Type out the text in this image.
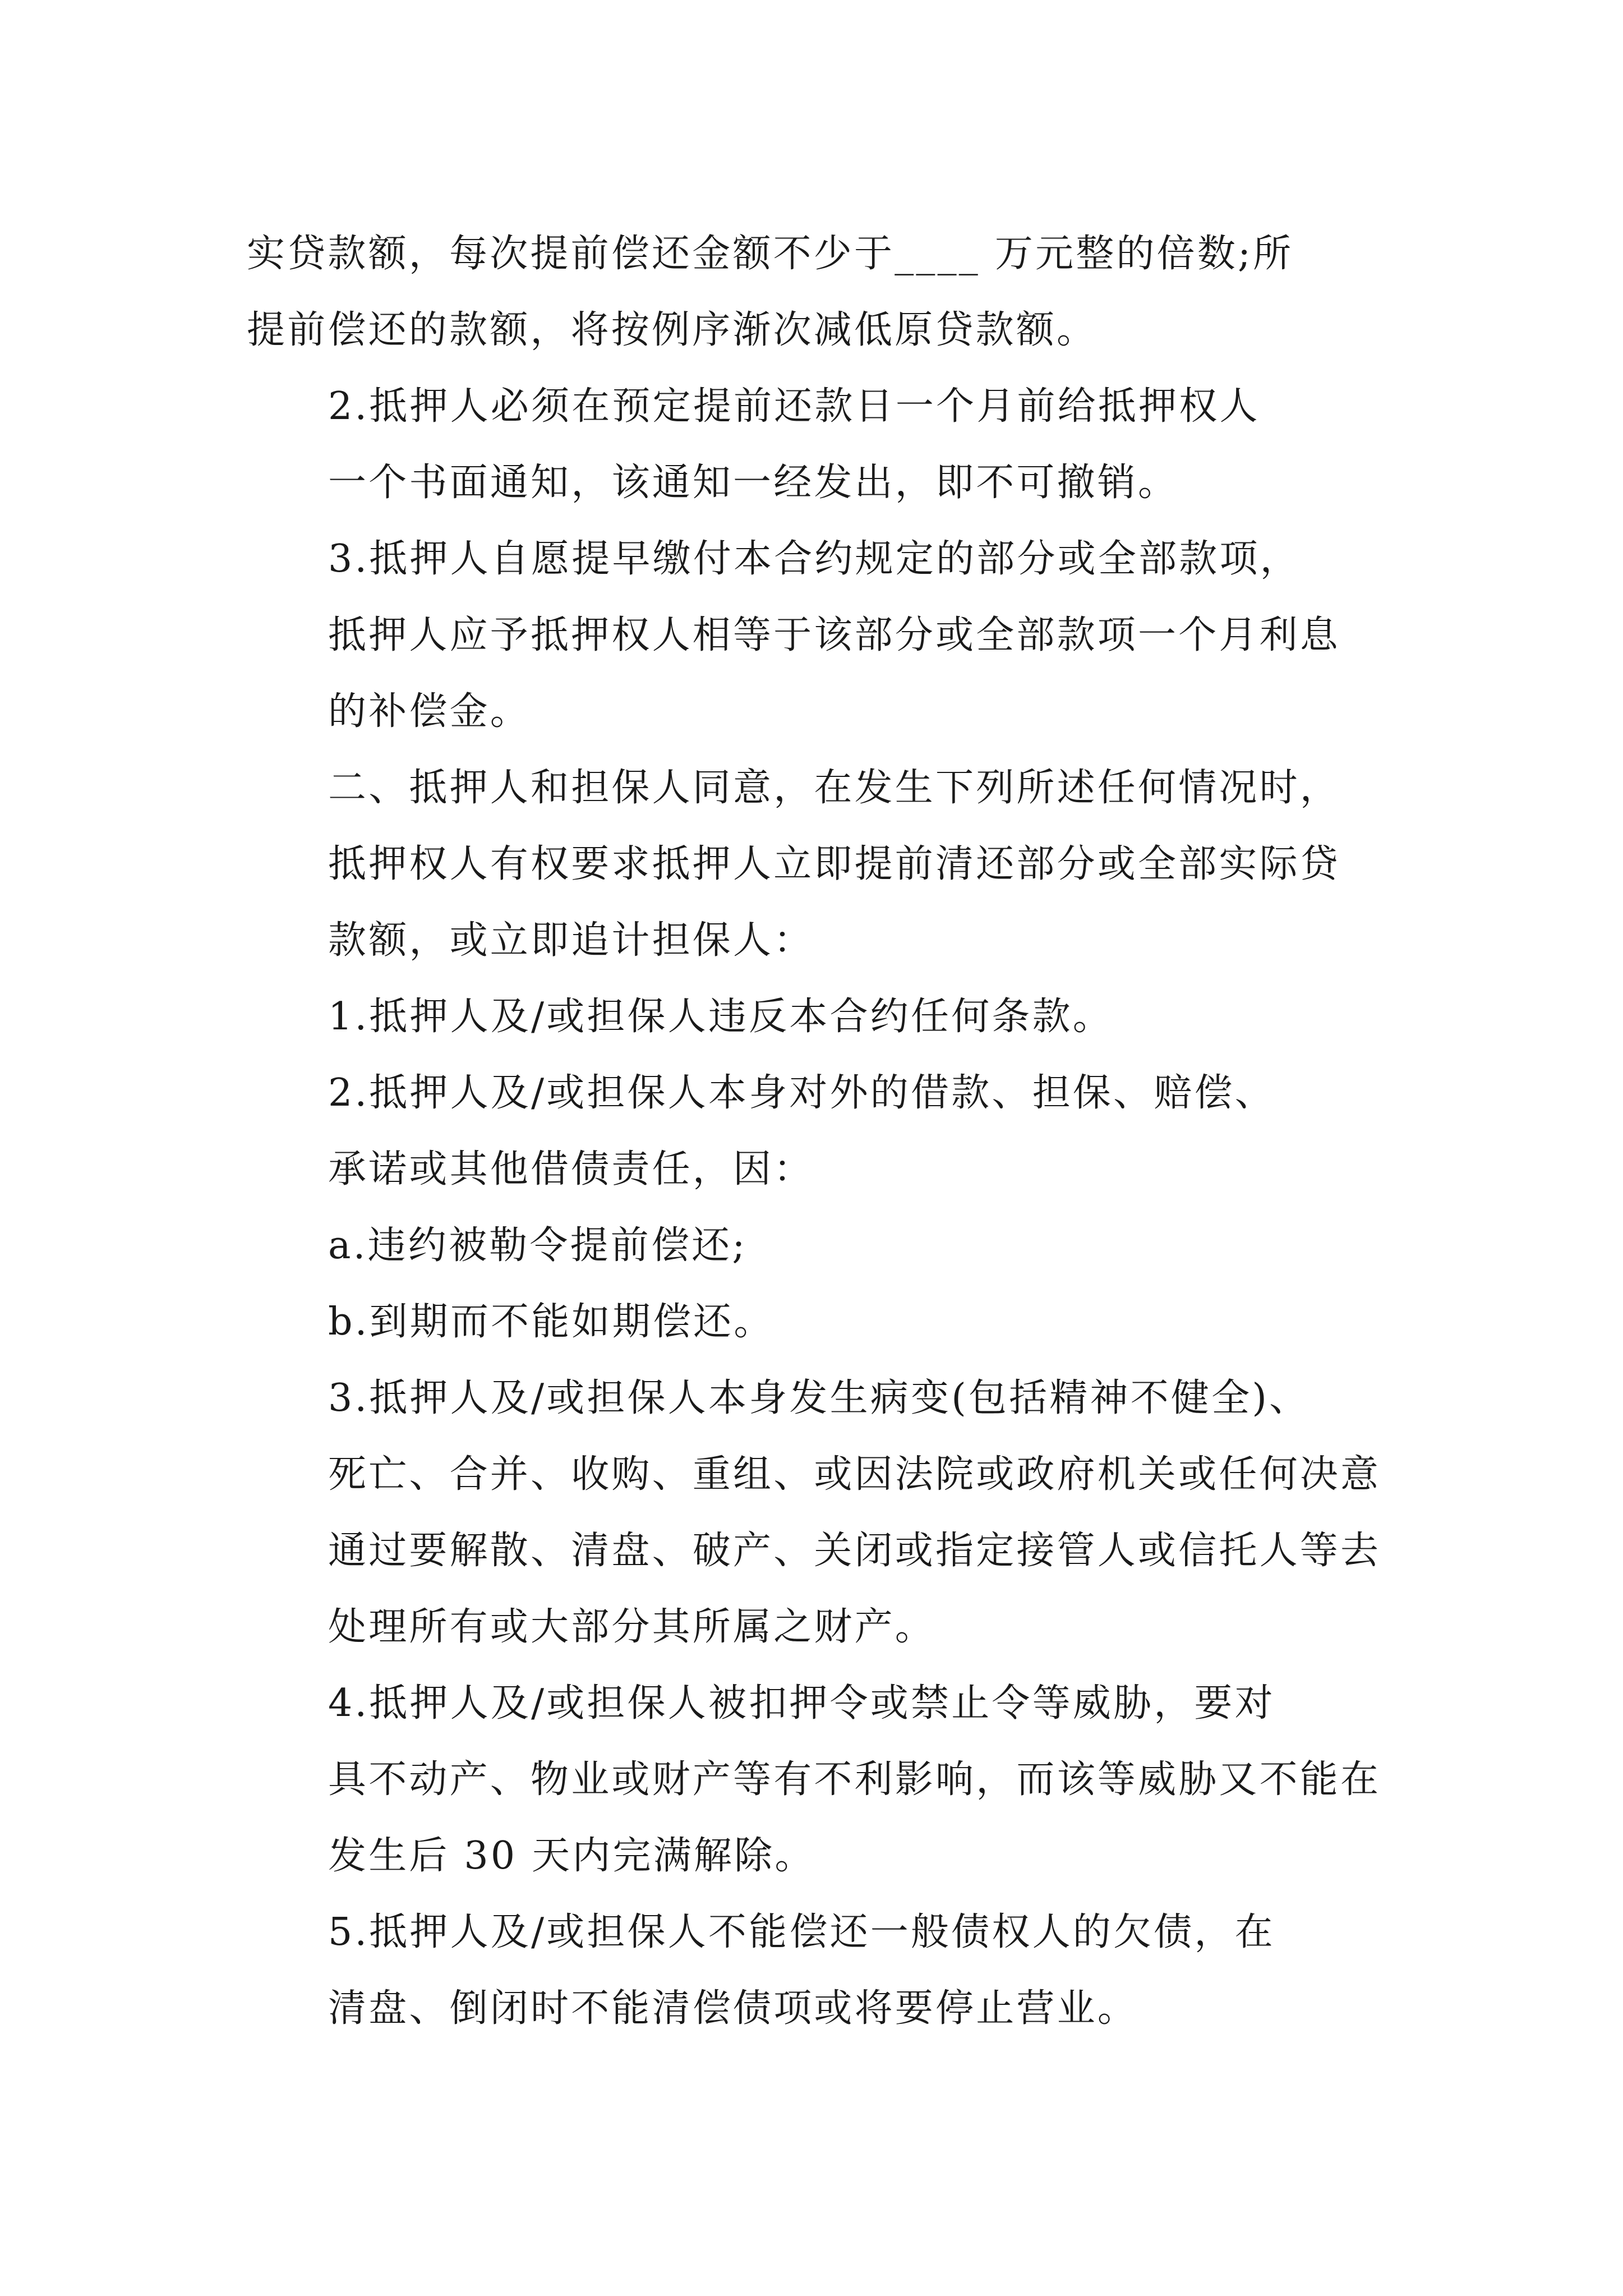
实贷款额，每次提前偿还金额不少于____ 万元整的倍数;所
提前偿还的款额，将按例序渐次减低原贷款额。

2.抵押人必须在预定提前还款日一个月前给抵押权人
一个书面通知，该通知一经发出，即不可撤销。

3.抵押人自愿提早缴付本合约规定的部分或全部款项，
抵押人应予抵押权人相等于该部分或全部款项一个月利息
的补偿金。

二、抵押人和担保人同意，在发生下列所述任何情况时，
抵押权人有权要求抵押人立即提前清还部分或全部实际贷
款额，或立即追计担保人：

1.抵押人及/或担保人违反本合约任何条款。

2.抵押人及/或担保人本身对外的借款、担保、赔偿、
承诺或其他借债责任，因：

a.违约被勒令提前偿还;

b.到期而不能如期偿还。

3.抵押人及/或担保人本身发生病变(包括精神不健全)、
死亡、合并、收购、重组、或因法院或政府机关或任何决意
通过要解散、清盘、破产、关闭或指定接管人或信托人等去
处理所有或大部分其所属之财产。

4.抵押人及/或担保人被扣押令或禁止令等威胁，要对
具不动产、物业或财产等有不利影响，而该等威胁又不能在
发生后 30 天内完满解除。

5.抵押人及/或担保人不能偿还一般债权人的欠债，在
清盘、倒闭时不能清偿债项或将要停止营业。
